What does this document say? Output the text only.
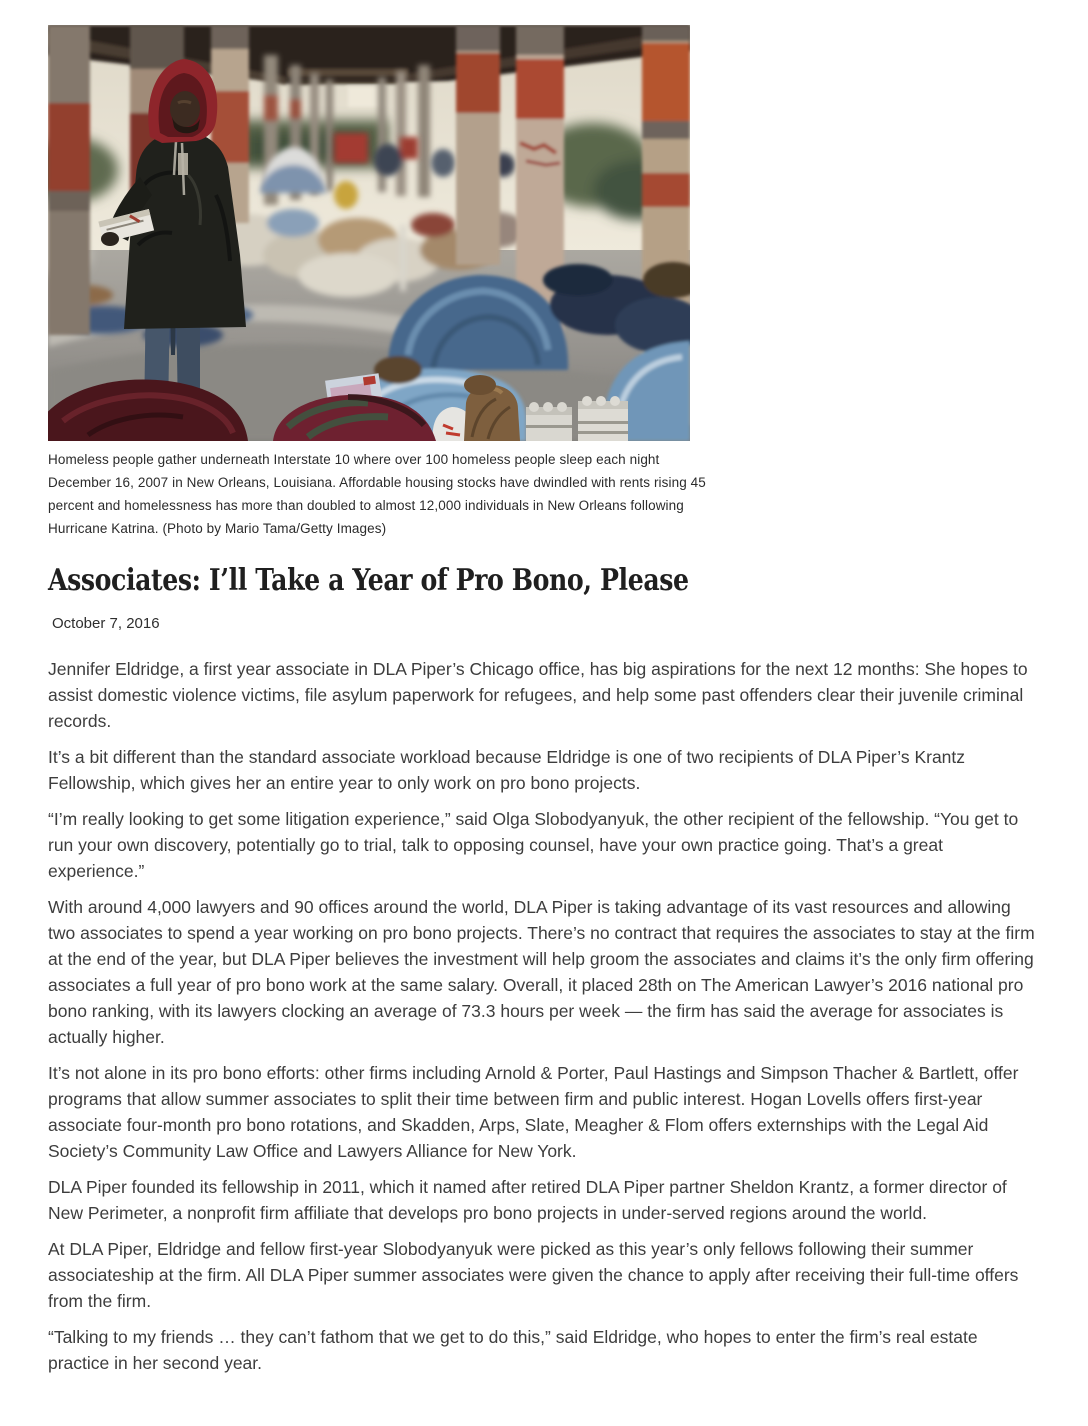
Homeless people gather underneath Interstate 10 where over 100 homeless people sleep each night December 16, 2007 in New Orleans, Louisiana. Affordable housing stocks have dwindled with rents rising 45 percent and homelessness has more than doubled to almost 12,000 individuals in New Orleans following Hurricane Katrina. (Photo by Mario Tama/Getty Images)
Associates: I’ll Take a Year of Pro Bono, Please
October 7, 2016

Jennifer Eldridge, a first year associate in DLA Piper’s Chicago office, has big aspirations for the next 12 months: She hopes to assist domestic violence victims, file asylum paperwork for refugees, and help some past offenders clear their juvenile criminal records.

It’s a bit different than the standard associate workload because Eldridge is one of two recipients of DLA Piper’s Krantz Fellowship, which gives her an entire year to only work on pro bono projects.

“I’m really looking to get some litigation experience,” said Olga Slobodyanyuk, the other recipient of the fellowship. “You get to run your own discovery, potentially go to trial, talk to opposing counsel, have your own practice going. That’s a great experience.”

With around 4,000 lawyers and 90 offices around the world, DLA Piper is taking advantage of its vast resources and allowing two associates to spend a year working on pro bono projects. There’s no contract that requires the associates to stay at the firm at the end of the year, but DLA Piper believes the investment will help groom the associates and claims it’s the only firm offering associates a full year of pro bono work at the same salary. Overall, it placed 28th on The American Lawyer’s 2016 national pro bono ranking, with its lawyers clocking an average of 73.3 hours per week — the firm has said the average for associates is actually higher.

It’s not alone in its pro bono efforts: other firms including Arnold & Porter, Paul Hastings and Simpson Thacher & Bartlett, offer programs that allow summer associates to split their time between firm and public interest. Hogan Lovells offers first-year associate four-month pro bono rotations, and Skadden, Arps, Slate, Meagher & Flom offers externships with the Legal Aid Society’s Community Law Office and Lawyers Alliance for New York.

DLA Piper founded its fellowship in 2011, which it named after retired DLA Piper partner Sheldon Krantz, a former director of New Perimeter, a nonprofit firm affiliate that develops pro bono projects in under-served regions around the world.

At DLA Piper, Eldridge and fellow first-year Slobodyanyuk were picked as this year’s only fellows following their summer associateship at the firm. All DLA Piper summer associates were given the chance to apply after receiving their full-time offers from the firm.

“Talking to my friends … they can’t fathom that we get to do this,” said Eldridge, who hopes to enter the firm’s real estate practice in her second year.
